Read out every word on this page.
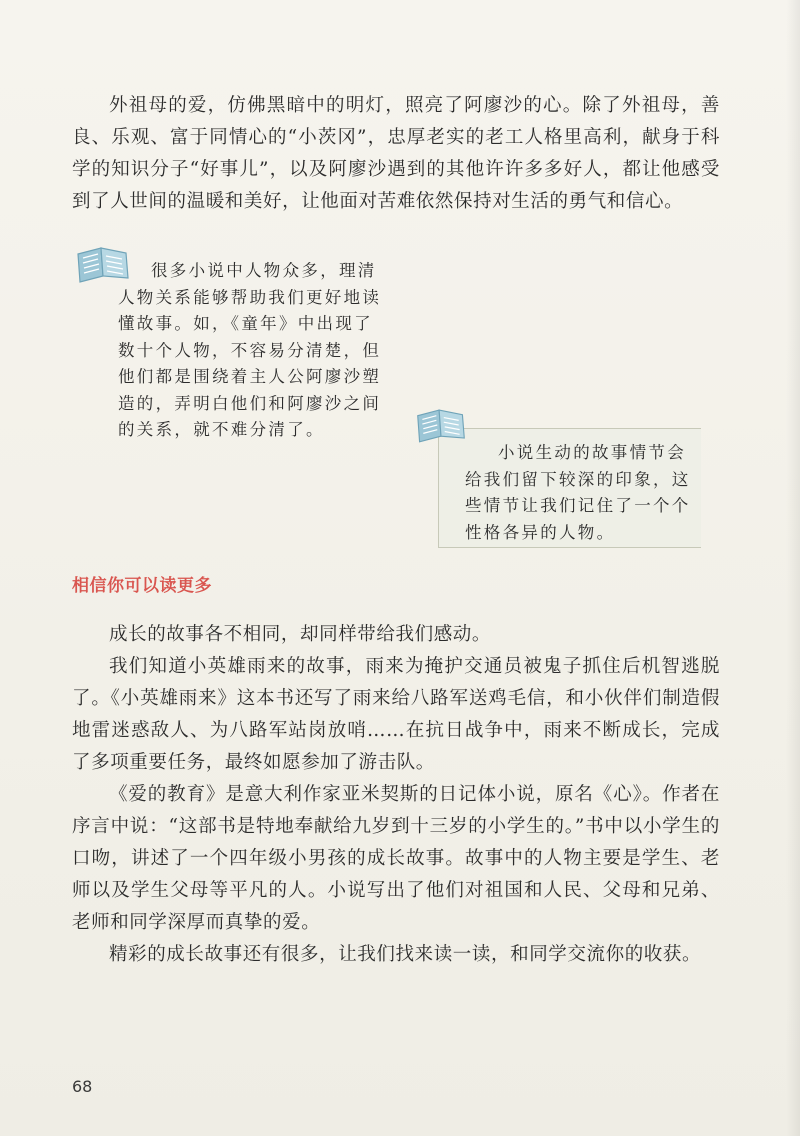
外祖母的爱，仿佛黑暗中的明灯，照亮了阿廖沙的心。除了外祖母，善良、乐观、富于同情心的“小茨冈”，忠厚老实的老工人格里高利，献身于科学的知识分子“好事儿”，以及阿廖沙遇到的其他许许多多好人，都让他感受到了人世间的温暖和美好，让他面对苦难依然保持对生活的勇气和信心。

很多小说中人物众多，理清人物关系能够帮助我们更好地读懂故事。如，《童年》中出现了数十个人物，不容易分清楚，但他们都是围绕着主人公阿廖沙塑造的，弄明白他们和阿廖沙之间的关系，就不难分清了。

小说生动的故事情节会给我们留下较深的印象，这些情节让我们记住了一个个性格各异的人物。

相信你可以读更多

成长的故事各不相同，却同样带给我们感动。

我们知道小英雄雨来的故事，雨来为掩护交通员被鬼子抓住后机智逃脱了。《小英雄雨来》这本书还写了雨来给八路军送鸡毛信，和小伙伴们制造假地雷迷惑敌人、为八路军站岗放哨……在抗日战争中，雨来不断成长，完成了多项重要任务，最终如愿参加了游击队。

《爱的教育》是意大利作家亚米契斯的日记体小说，原名《心》。作者在序言中说：“这部书是特地奉献给九岁到十三岁的小学生的。”书中以小学生的口吻，讲述了一个四年级小男孩的成长故事。故事中的人物主要是学生、老师以及学生父母等平凡的人。小说写出了他们对祖国和人民、父母和兄弟、老师和同学深厚而真挚的爱。

精彩的成长故事还有很多，让我们找来读一读，和同学交流你的收获。

68
